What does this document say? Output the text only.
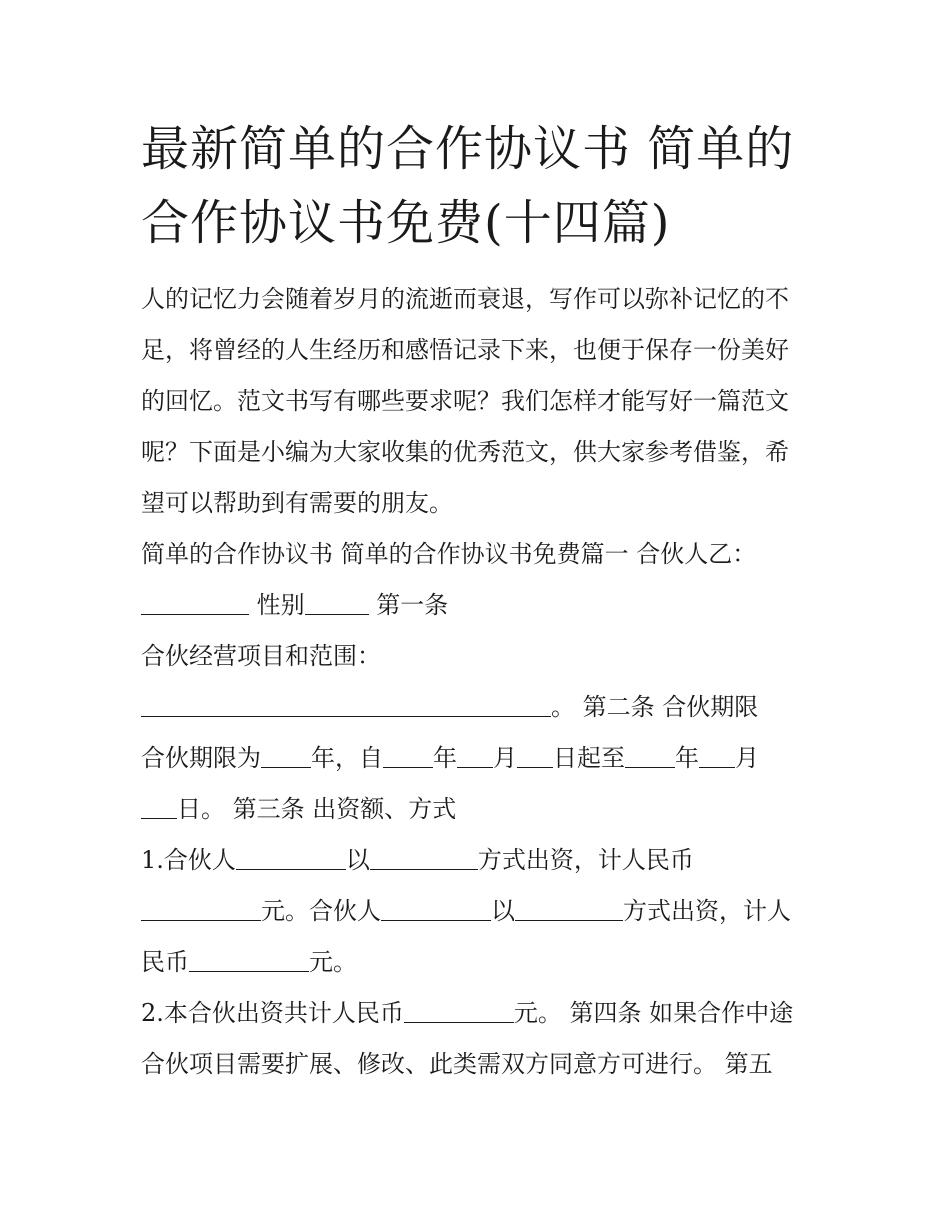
最新简单的合作协议书 简单的
合作协议书免费(十四篇)

人的记忆力会随着岁月的流逝而衰退，写作可以弥补记忆的不

足，将曾经的人生经历和感悟记录下来，也便于保存一份美好

的回忆。范文书写有哪些要求呢？我们怎样才能写好一篇范文

呢？下面是小编为大家收集的优秀范文，供大家参考借鉴，希

望可以帮助到有需要的朋友。

简单的合作协议书 简单的合作协议书免费篇一 合伙人乙：

性别	第一条

合伙经营项目和范围：

。 第二条 合伙期限

合伙期限为 年，自 年 月 日起至 年 月

日。 第三条 出资额、方式

1.合伙人	以	方式出资，计人民币

元。合伙人	以	方式出资，计人

民币	元。

2.本合伙出资共计人民币	元。 第四条 如果合作中途

合伙项目需要扩展、修改、此类需双方同意方可进行。 第五
